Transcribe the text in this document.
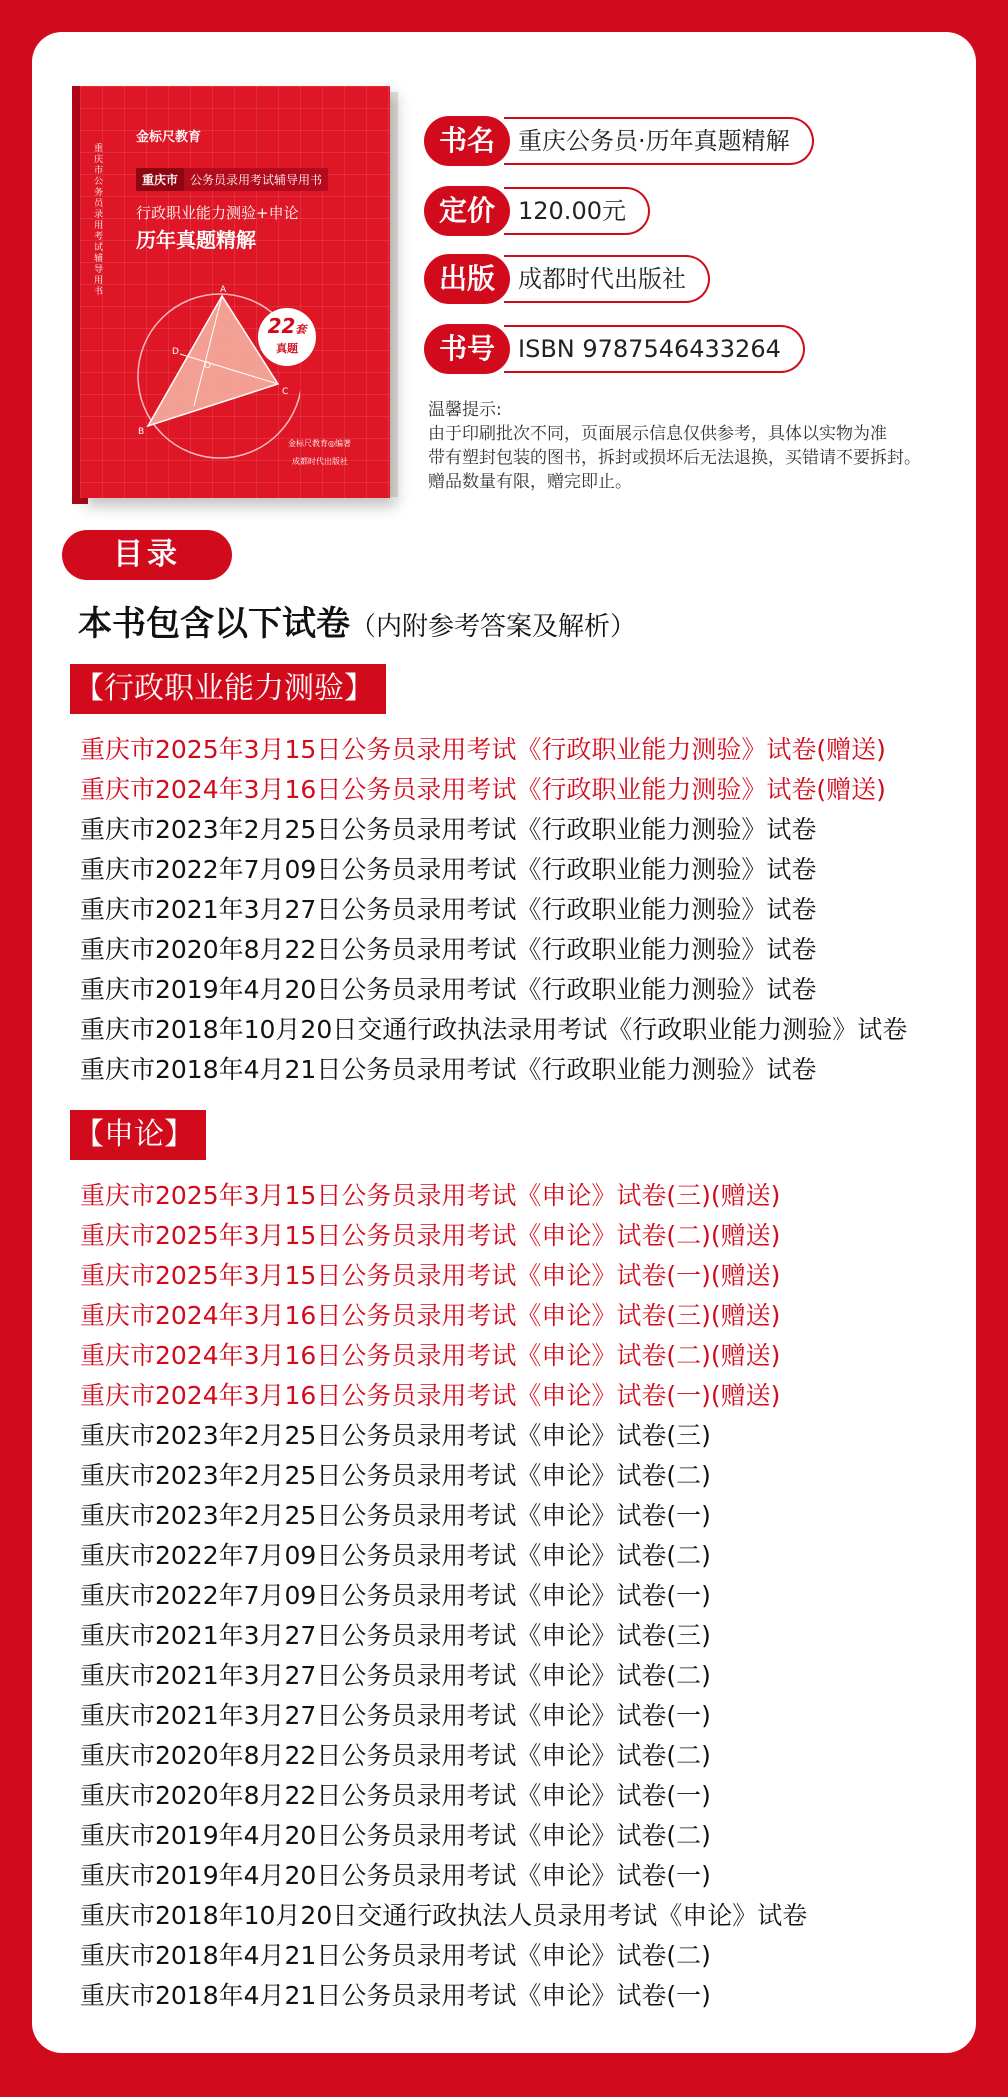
金标尺教育
重庆市公务员录用考试辅导用书
重庆市 公务员录用考试辅导用书
行政职业能力测验+申论
历年真题精解
A
B
C
D
O
22套
真题
金标尺教育◎编著
成都时代出版社
重庆公务员·历年真题精解
书名
120.00元
定价
成都时代出版社
出版
ISBN 9787546433264
书号
温馨提示:
由于印刷批次不同，页面展示信息仅供参考，具体以实物为准
带有塑封包装的图书，拆封或损坏后无法退换，买错请不要拆封。
赠品数量有限，赠完即止。
目录
本书包含以下试卷（内附参考答案及解析）
【行政职业能力测验】
重庆市2025年3月15日公务员录用考试《行政职业能力测验》试卷(赠送)
重庆市2024年3月16日公务员录用考试《行政职业能力测验》试卷(赠送)
重庆市2023年2月25日公务员录用考试《行政职业能力测验》试卷
重庆市2022年7月09日公务员录用考试《行政职业能力测验》试卷
重庆市2021年3月27日公务员录用考试《行政职业能力测验》试卷
重庆市2020年8月22日公务员录用考试《行政职业能力测验》试卷
重庆市2019年4月20日公务员录用考试《行政职业能力测验》试卷
重庆市2018年10月20日交通行政执法录用考试《行政职业能力测验》试卷
重庆市2018年4月21日公务员录用考试《行政职业能力测验》试卷
【申论】
重庆市2025年3月15日公务员录用考试《申论》试卷(三)(赠送)
重庆市2025年3月15日公务员录用考试《申论》试卷(二)(赠送)
重庆市2025年3月15日公务员录用考试《申论》试卷(一)(赠送)
重庆市2024年3月16日公务员录用考试《申论》试卷(三)(赠送)
重庆市2024年3月16日公务员录用考试《申论》试卷(二)(赠送)
重庆市2024年3月16日公务员录用考试《申论》试卷(一)(赠送)
重庆市2023年2月25日公务员录用考试《申论》试卷(三)
重庆市2023年2月25日公务员录用考试《申论》试卷(二)
重庆市2023年2月25日公务员录用考试《申论》试卷(一)
重庆市2022年7月09日公务员录用考试《申论》试卷(二)
重庆市2022年7月09日公务员录用考试《申论》试卷(一)
重庆市2021年3月27日公务员录用考试《申论》试卷(三)
重庆市2021年3月27日公务员录用考试《申论》试卷(二)
重庆市2021年3月27日公务员录用考试《申论》试卷(一)
重庆市2020年8月22日公务员录用考试《申论》试卷(二)
重庆市2020年8月22日公务员录用考试《申论》试卷(一)
重庆市2019年4月20日公务员录用考试《申论》试卷(二)
重庆市2019年4月20日公务员录用考试《申论》试卷(一)
重庆市2018年10月20日交通行政执法人员录用考试《申论》试卷
重庆市2018年4月21日公务员录用考试《申论》试卷(二)
重庆市2018年4月21日公务员录用考试《申论》试卷(一)
